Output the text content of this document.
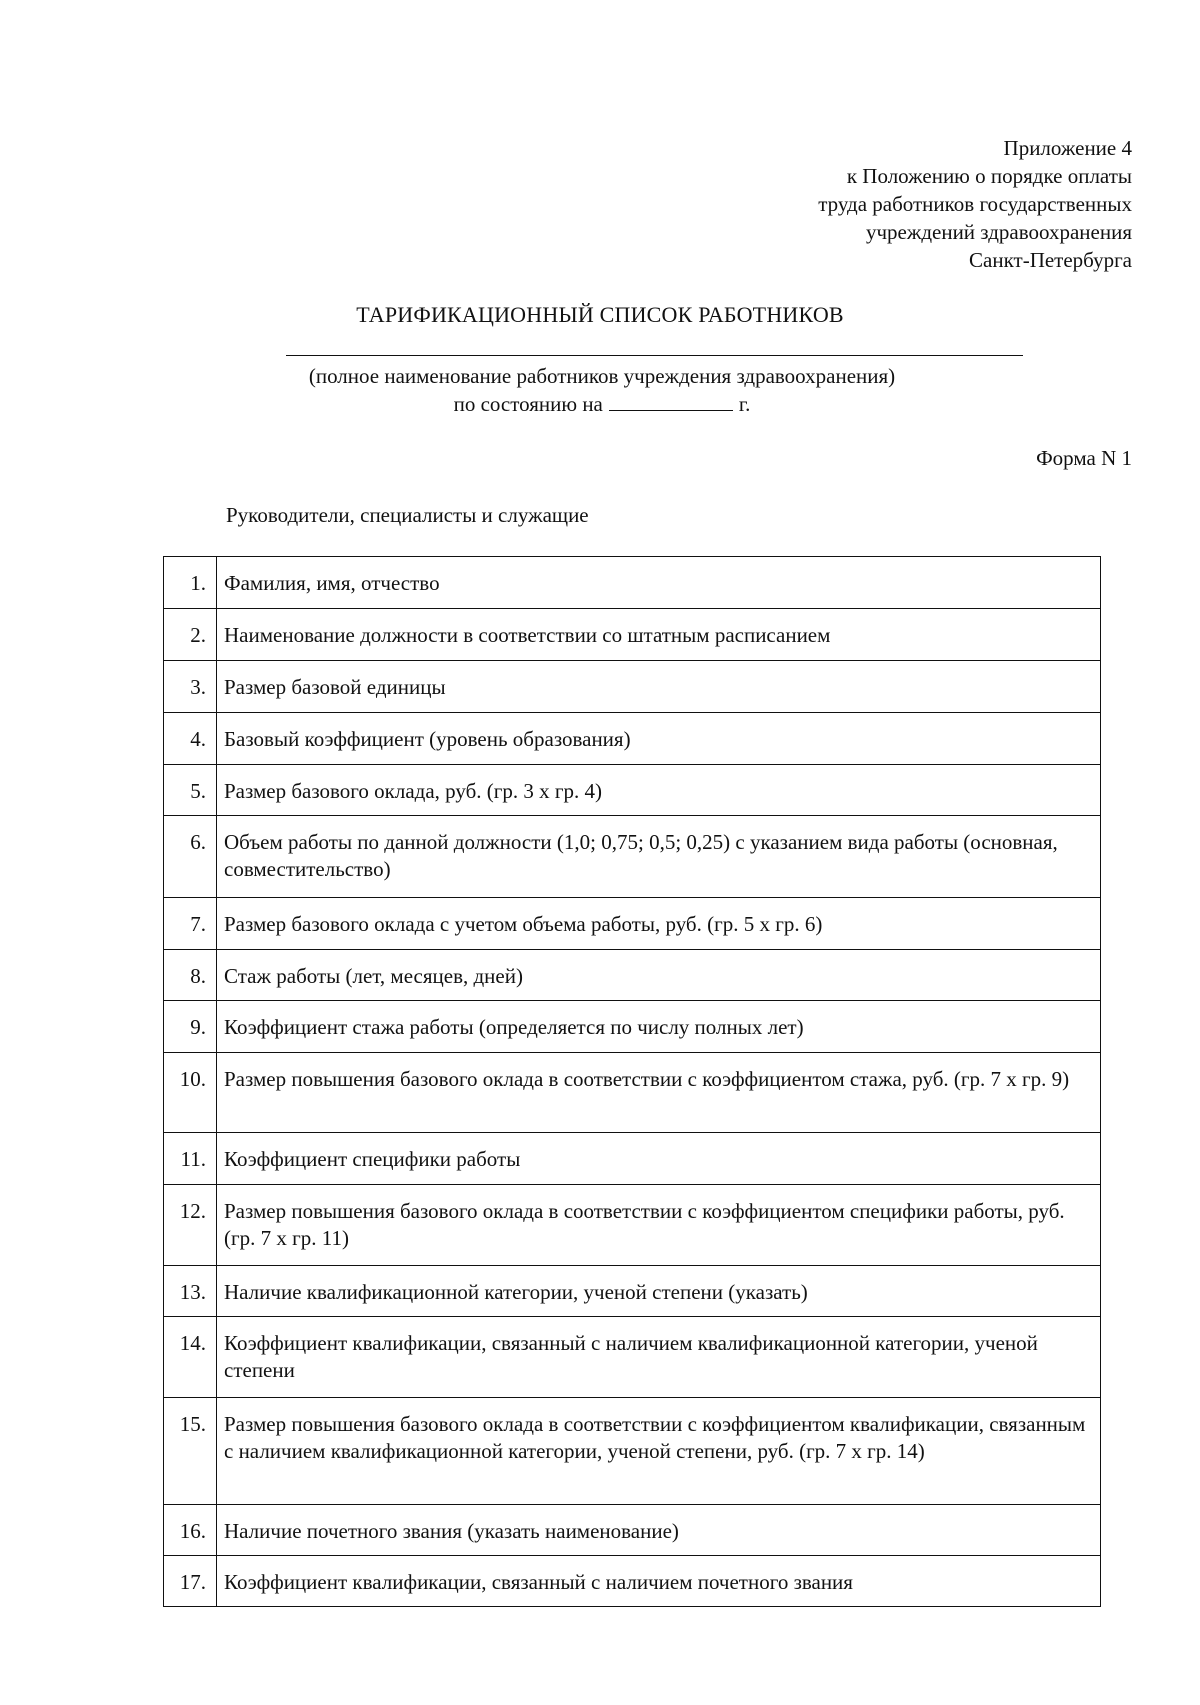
Приложение 4
к Положению о порядке оплаты
труда работников государственных
учреждений здравоохранения
Санкт-Петербурга
ТАРИФИКАЦИОННЫЙ СПИСОК РАБОТНИКОВ
(полное наименование работников учреждения здравоохранения)
по состоянию на	г.
Форма N 1
Руководители, специалисты и служащие
1.	Фамилия, имя, отчество

2.	Наименование должности в соответствии со штатным расписанием

3.	Размер базовой единицы

4.	Базовый коэффициент (уровень образования)

5.	Размер базового оклада, руб. (гр. 3 x гр. 4)

6.	Объем работы по данной должности (1,0; 0,75; 0,5; 0,25) с указанием вида работы (основная, совместительство)

7.	Размер базового оклада с учетом объема работы, руб. (гр. 5 x гр. 6)

8.	Стаж работы (лет, месяцев, дней)

9.	Коэффициент стажа работы (определяется по числу полных лет)

10.	Размер повышения базового оклада в соответствии с коэффициентом стажа, руб. (гр. 7 x гр. 9)

11.	Коэффициент специфики работы

12.	Размер повышения базового оклада в соответствии с коэффициентом специфики работы, руб. (гр. 7 x гр. 11)

13.	Наличие квалификационной категории, ученой степени (указать)

14.	Коэффициент квалификации, связанный с наличием квалификационной категории, ученой степени

15.	Размер повышения базового оклада в соответствии с коэффициентом квалификации, связанным с наличием квалификационной категории, ученой степени, руб. (гр. 7 x гр. 14)

16.	Наличие почетного звания (указать наименование)

17.	Коэффициент квалификации, связанный с наличием почетного звания
